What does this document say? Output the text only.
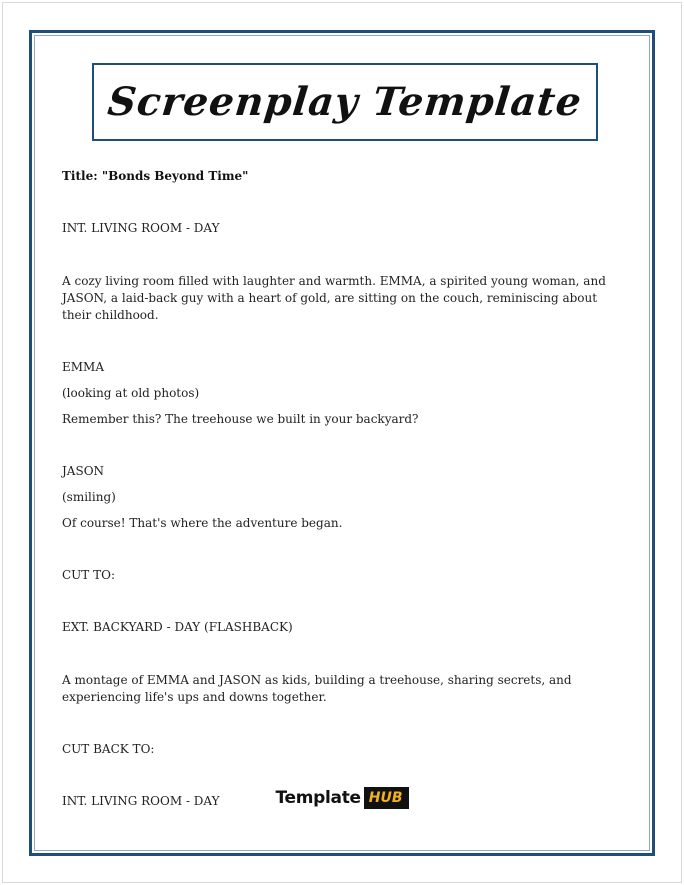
Screenplay Template

Title: "Bonds Beyond Time"

INT. LIVING ROOM - DAY

A cozy living room filled with laughter and warmth. EMMA, a spirited young woman, and JASON, a laid-back guy with a heart of gold, are sitting on the couch, reminiscing about their childhood.

EMMA

(looking at old photos)

Remember this? The treehouse we built in your backyard?

JASON

(smiling)

Of course! That's where the adventure began.

CUT TO:

EXT. BACKYARD - DAY (FLASHBACK)

A montage of EMMA and JASON as kids, building a treehouse, sharing secrets, and experiencing life's ups and downs together.

CUT BACK TO:

INT. LIVING ROOM - DAY	Template HUB
